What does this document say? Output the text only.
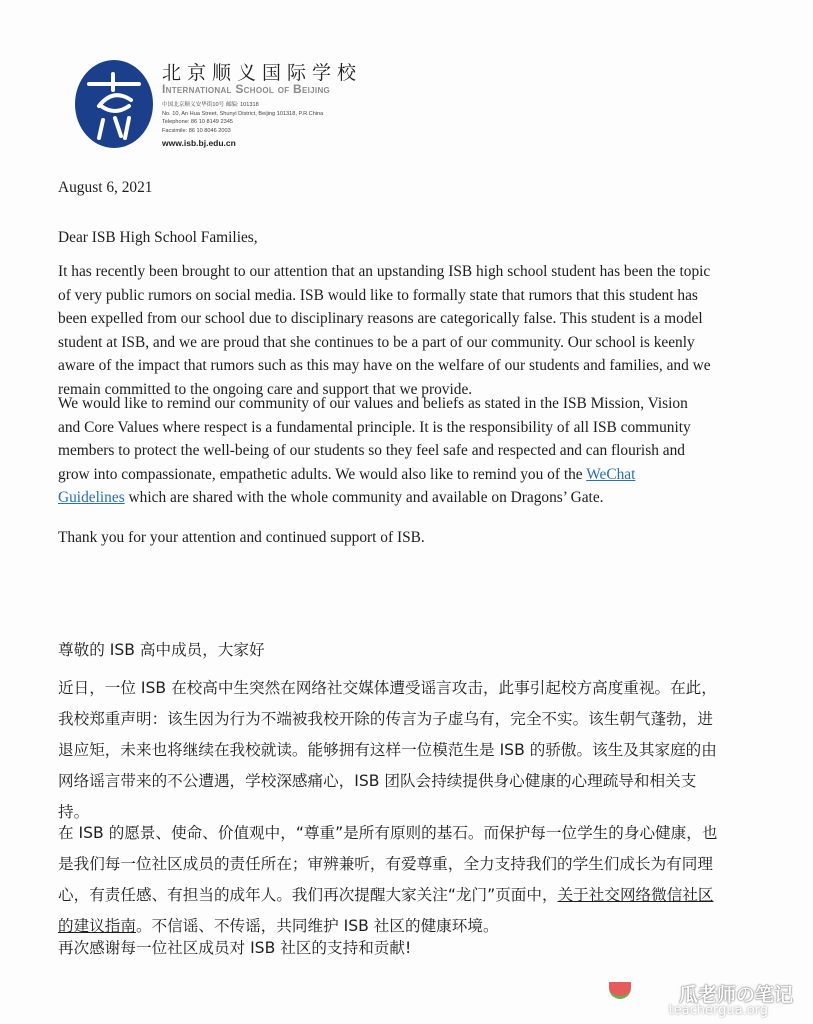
北京顺义国际学校
International School of Beijing
中国北京顺义安华街10号 邮编: 101318
No. 10, An Hua Street, Shunyi District, Beijing 101318, P.R.China
Telephone: 86 10 8149 2345
Facsimile: 86 10 8046 2003
www.isb.bj.edu.cn
August 6, 2021
Dear ISB High School Families,
It has recently been brought to our attention that an upstanding ISB high school student has been the topic
of very public rumors on social media. ISB would like to formally state that rumors that this student has
been expelled from our school due to disciplinary reasons are categorically false. This student is a model
student at ISB, and we are proud that she continues to be a part of our community. Our school is keenly
aware of the impact that rumors such as this may have on the welfare of our students and families, and we
remain committed to the ongoing care and support that we provide.
We would like to remind our community of our values and beliefs as stated in the ISB Mission, Vision
and Core Values where respect is a fundamental principle. It is the responsibility of all ISB community
members to protect the well-being of our students so they feel safe and respected and can flourish and
grow into compassionate, empathetic adults. We would also like to remind you of the WeChat
Guidelines which are shared with the whole community and available on Dragons’ Gate.
Thank you for your attention and continued support of ISB.
尊敬的 ISB 高中成员，大家好
近日，一位 ISB 在校高中生突然在网络社交媒体遭受谣言攻击，此事引起校方高度重视。在此，
我校郑重声明：该生因为行为不端被我校开除的传言为子虚乌有，完全不实。该生朝气蓬勃，进
退应矩，未来也将继续在我校就读。能够拥有这样一位模范生是 ISB 的骄傲。该生及其家庭的由
网络谣言带来的不公遭遇，学校深感痛心，ISB 团队会持续提供身心健康的心理疏导和相关支
持。
在 ISB 的愿景、使命、价值观中，“尊重”是所有原则的基石。而保护每一位学生的身心健康，也
是我们每一位社区成员的责任所在；审辨兼听，有爱尊重，全力支持我们的学生们成长为有同理
心，有责任感、有担当的成年人。我们再次提醒大家关注“龙门”页面中，关于社交网络微信社区
的建议指南。不信谣、不传谣，共同维护 ISB 社区的健康环境。
再次感谢每一位社区成员对 ISB 社区的支持和贡献!
瓜老师の笔记
teachergua.org
